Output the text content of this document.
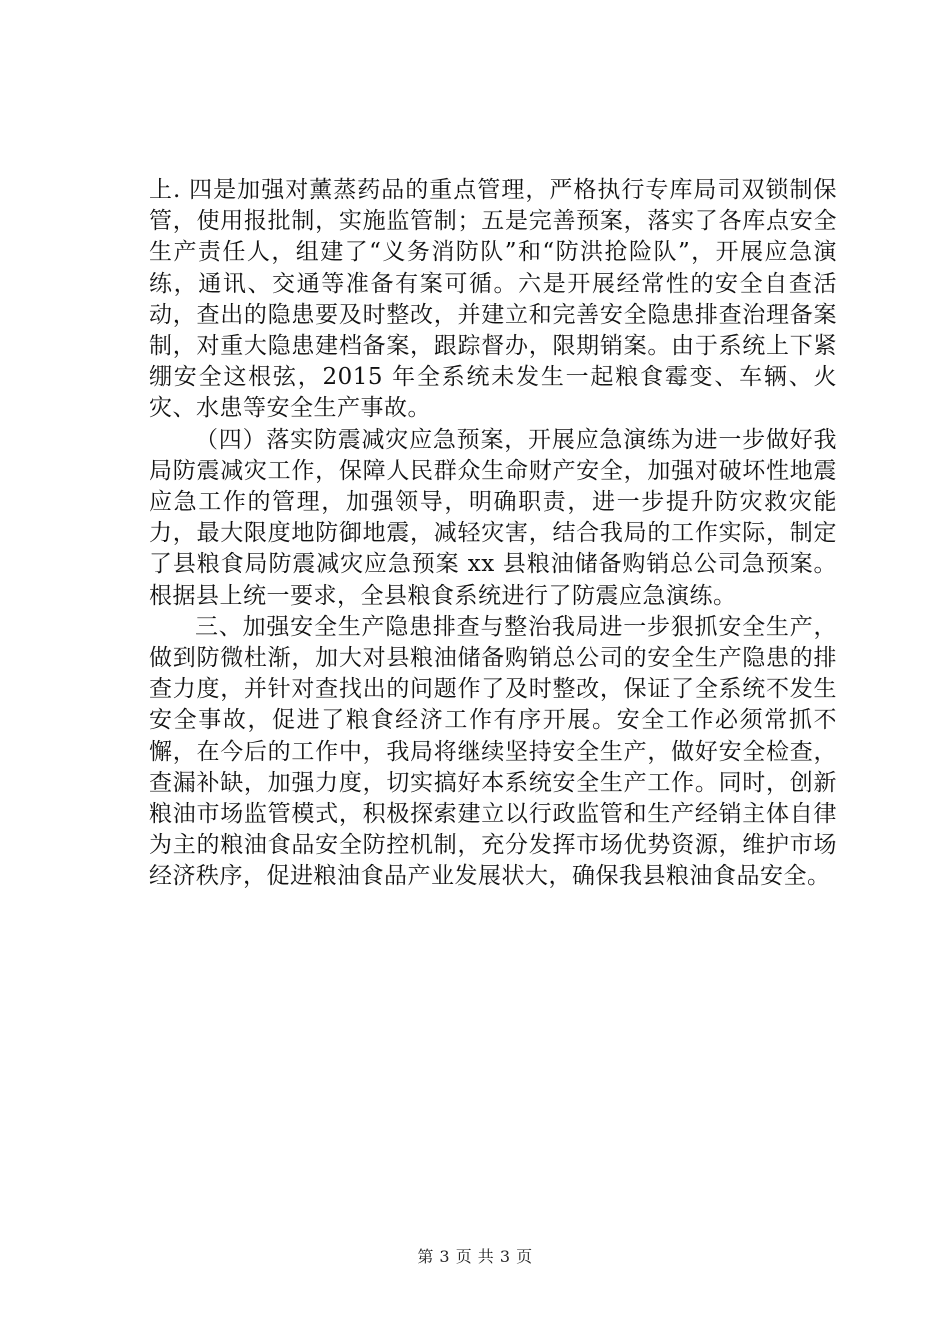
上. 四是加强对薰蒸药品的重点管理，严格执行专库局司双锁制保管，使用报批制，实施监管制；五是完善预案，落实了各库点安全生产责任人，组建了“义务消防队”和“防洪抢险队”，开展应急演练，通讯、交通等准备有案可循。六是开展经常性的安全自查活动，查出的隐患要及时整改，并建立和完善安全隐患排查治理备案制，对重大隐患建档备案，跟踪督办，限期销案。由于系统上下紧绷安全这根弦，2015 年全系统未发生一起粮食霉变、车辆、火灾、水患等安全生产事故。

（四）落实防震减灾应急预案，开展应急演练为进一步做好我局防震减灾工作，保障人民群众生命财产安全，加强对破坏性地震应急工作的管理，加强领导，明确职责，进一步提升防灾救灾能力，最大限度地防御地震，减轻灾害，结合我局的工作实际，制定了县粮食局防震减灾应急预案 xx 县粮油储备购销总公司急预案。根据县上统一要求，全县粮食系统进行了防震应急演练。

三、加强安全生产隐患排查与整治我局进一步狠抓安全生产，做到防微杜渐，加大对县粮油储备购销总公司的安全生产隐患的排查力度，并针对查找出的问题作了及时整改，保证了全系统不发生安全事故，促进了粮食经济工作有序开展。安全工作必须常抓不懈，在今后的工作中，我局将继续坚持安全生产，做好安全检查，查漏补缺，加强力度，切实搞好本系统安全生产工作。同时，创新粮油市场监管模式，积极探索建立以行政监管和生产经销主体自律为主的粮油食品安全防控机制，充分发挥市场优势资源，维护市场经济秩序，促进粮油食品产业发展状大，确保我县粮油食品安全。

第 3 页 共 3 页
